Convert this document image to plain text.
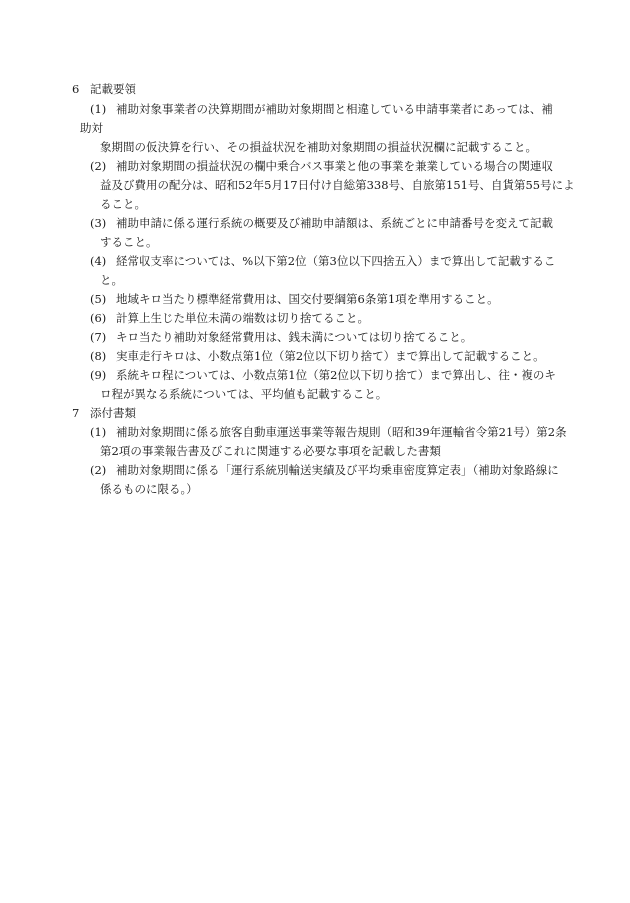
6 記載要領
(1) 補助対象事業者の決算期間が補助対象期間と相違している申請事業者にあっては、補
助対
象期間の仮決算を行い、その損益状況を補助対象期間の損益状況欄に記載すること。
(2) 補助対象期間の損益状況の欄中乗合バス事業と他の事業を兼業している場合の関連収
益及び費用の配分は、昭和52年5月17日付け自総第338号、自旅第151号、自貨第55号によ
ること。
(3) 補助申請に係る運行系統の概要及び補助申請額は、系統ごとに申請番号を変えて記載
すること。
(4) 経常収支率については、%以下第2位（第3位以下四捨五入）まで算出して記載するこ
と。
(5) 地域キロ当たり標準経常費用は、国交付要綱第6条第1項を準用すること。
(6) 計算上生じた単位未満の端数は切り捨てること。
(7) キロ当たり補助対象経常費用は、銭未満については切り捨てること。
(8) 実車走行キロは、小数点第1位（第2位以下切り捨て）まで算出して記載すること。
(9) 系統キロ程については、小数点第1位（第2位以下切り捨て）まで算出し、往・複のキ
ロ程が異なる系統については、平均値も記載すること。
7 添付書類
(1) 補助対象期間に係る旅客自動車運送事業等報告規則（昭和39年運輸省令第21号）第2条
第2項の事業報告書及びこれに関連する必要な事項を記載した書類
(2) 補助対象期間に係る「運行系統別輸送実績及び平均乗車密度算定表」（補助対象路線に
係るものに限る。）
